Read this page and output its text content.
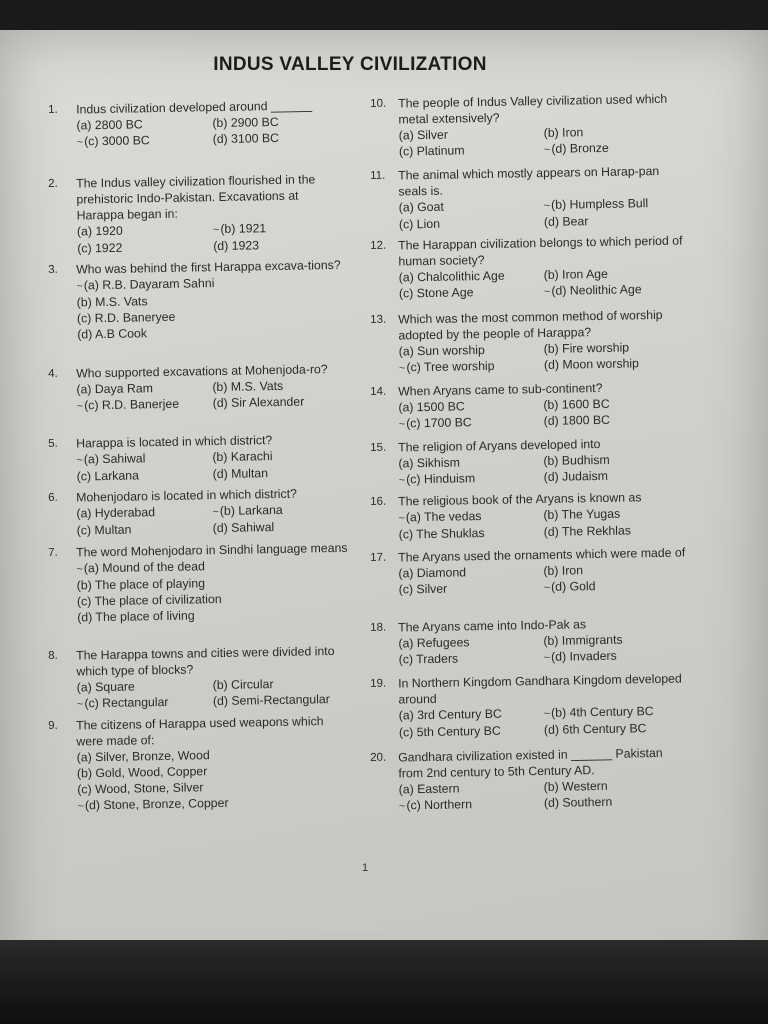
INDUS VALLEY CIVILIZATION
1.	Indus civilization developed around ______
(a) 2800 BC	(b) 2900 BC
~(c) 3000 BC	(d) 3100 BC
2.	The Indus valley civilization flourished in the prehistoric Indo-Pakistan. Excavations at Harappa began in:
(a) 1920	~(b) 1921
(c) 1922	(d) 1923
3.	Who was behind the first Harappa excava-tions?
~(a) R.B. Dayaram Sahni
(b) M.S. Vats
(c) R.D. Baneryee
(d) A.B Cook
4.	Who supported excavations at Mohenjoda-ro?
(a) Daya Ram	(b) M.S. Vats
~(c) R.D. Banerjee	(d) Sir Alexander
5.	Harappa is located in which district?
~(a) Sahiwal	(b) Karachi
(c) Larkana	(d) Multan
6.	Mohenjodaro is located in which district?
(a) Hyderabad	~(b) Larkana
(c) Multan	(d) Sahiwal
7.	The word Mohenjodaro in Sindhi language means
~(a) Mound of the dead
(b) The place of playing
(c) The place of civilization
(d) The place of living
8.	The Harappa towns and cities were divided into which type of blocks?
(a) Square	(b) Circular
~(c) Rectangular	(d) Semi-Rectangular
9.	The citizens of Harappa used weapons which were made of:
(a) Silver, Bronze, Wood
(b) Gold, Wood, Copper
(c) Wood, Stone, Silver
~(d) Stone, Bronze, Copper
10. The people of Indus Valley civilization used which metal extensively?
(a) Silver	(b) Iron
(c) Platinum	~(d) Bronze
11.	The animal which mostly appears on Harap-pan seals is.
(a) Goat	~(b) Humpless Bull
(c) Lion	(d) Bear
12. The Harappan civilization belongs to which period of human society?
(a) Chalcolithic Age	(b) Iron Age
(c) Stone Age	~(d) Neolithic Age
13. Which was the most common method of worship adopted by the people of Harappa?
(a) Sun worship	(b) Fire worship
~(c) Tree worship	(d) Moon worship
14. When Aryans came to sub-continent?
(a) 1500 BC	(b) 1600 BC
~(c) 1700 BC	(d) 1800 BC
15. The religion of Aryans developed into
(a) Sikhism	(b) Budhism
~(c) Hinduism	(d) Judaism
16. The religious book of the Aryans is known as
~(a) The vedas	(b) The Yugas
(c) The Shuklas	(d) The Rekhlas
17. The Aryans used the ornaments which were made of
(a) Diamond	(b) Iron
(c) Silver	~(d) Gold
18. The Aryans came into Indo-Pak as
(a) Refugees	(b) Immigrants
(c) Traders	~(d) Invaders
19. In Northern Kingdom Gandhara Kingdom developed around
(a) 3rd Century BC	~(b) 4th Century BC
(c) 5th Century BC	(d) 6th Century BC
20. Gandhara civilization existed in ______ Pakistan from 2nd century to 5th Century AD.
(a) Eastern	(b) Western
~(c) Northern	(d) Southern
1
